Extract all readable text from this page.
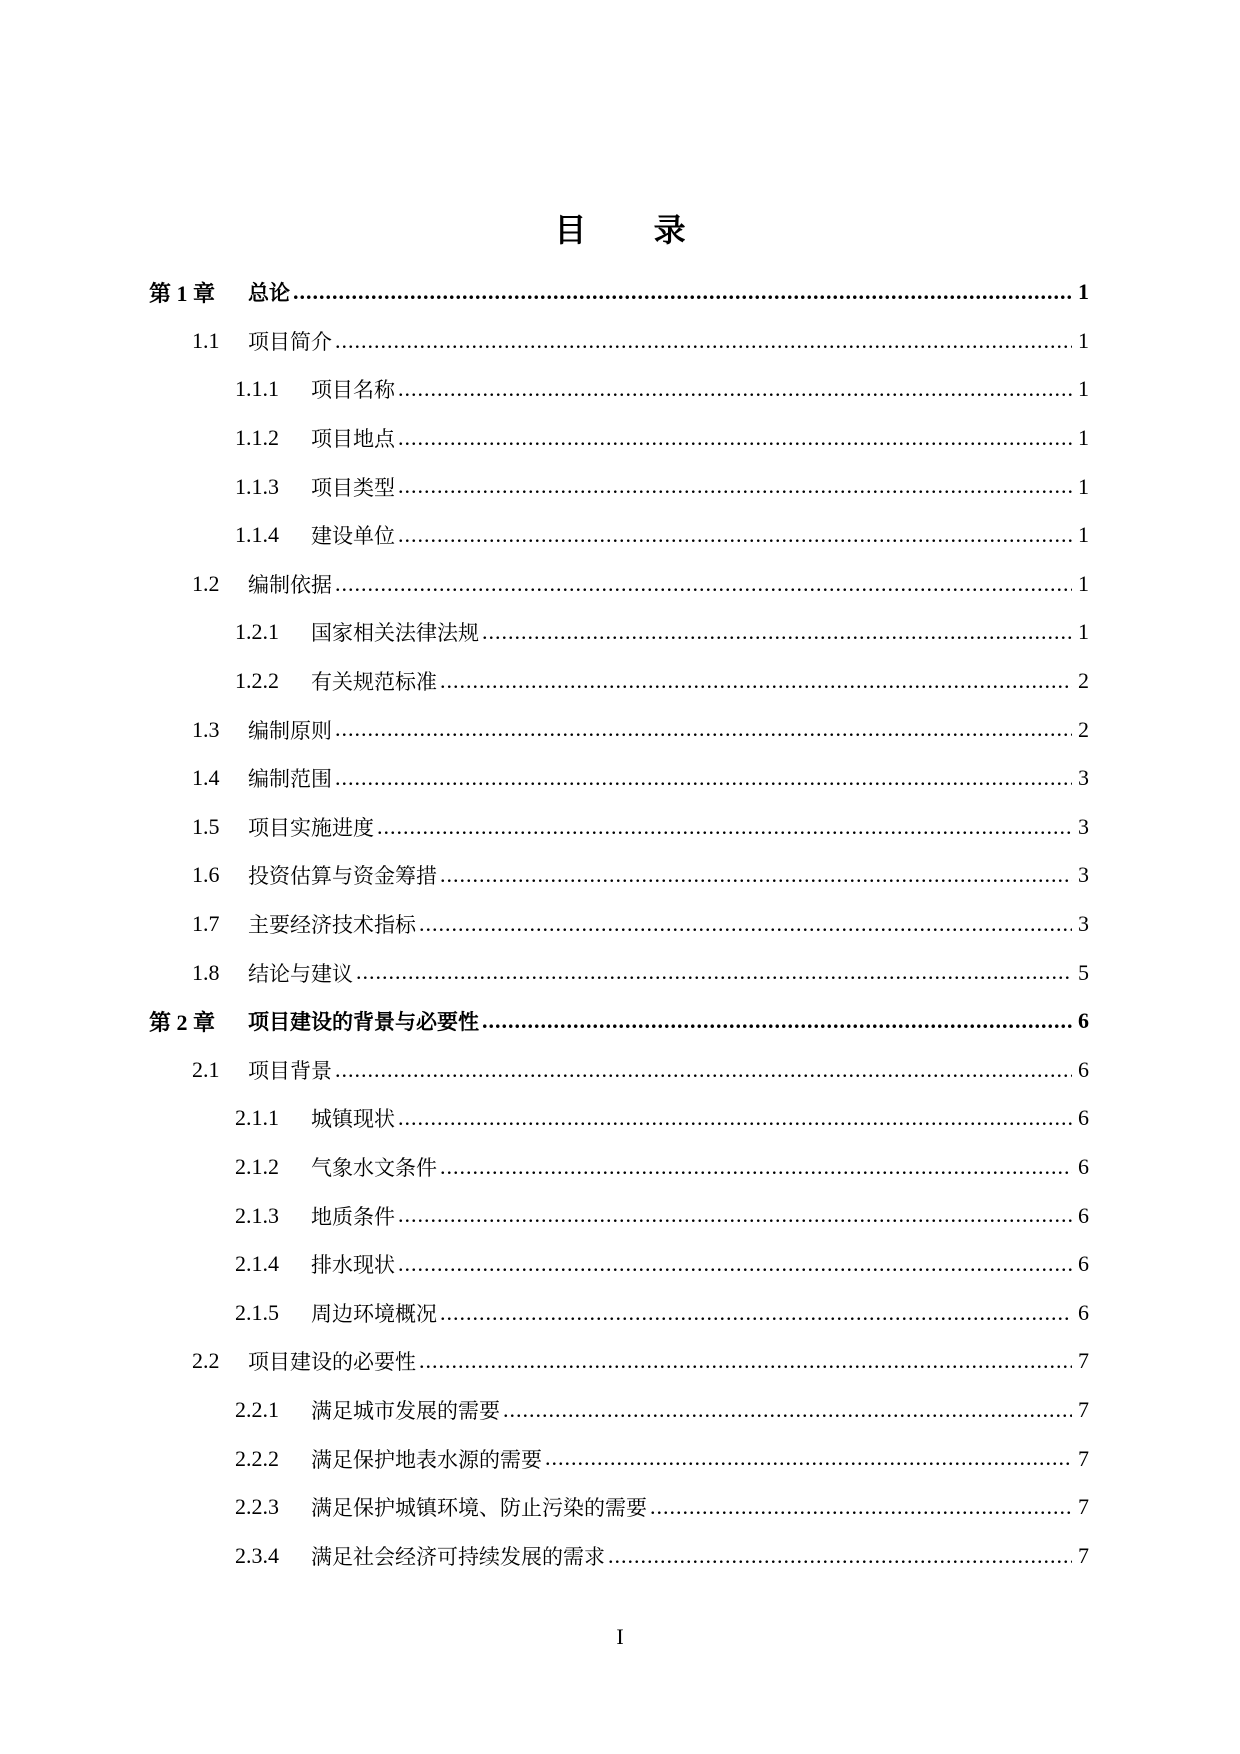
目 录
第 1 章	总论 .....	1
1.1	项目简介 .....	1
1.1.1	项目名称 .....	1
1.1.2	项目地点 .....	1
1.1.3	项目类型 .....	1
1.1.4	建设单位 .....	1
1.2	编制依据 .....	1
1.2.1	国家相关法律法规 .....	1
1.2.2	有关规范标准 .....	2
1.3	编制原则 .....	2
1.4	编制范围 .....	3
1.5	项目实施进度 .....	3
1.6	投资估算与资金筹措 .....	3
1.7	主要经济技术指标 .....	3
1.8	结论与建议 .....	5
第 2 章	项目建设的背景与必要性 .....	6
2.1	项目背景 .....	6
2.1.1	城镇现状 .....	6
2.1.2	气象水文条件 .....	6
2.1.3	地质条件 .....	6
2.1.4	排水现状 .....	6
2.1.5	周边环境概况 .....	6
2.2	项目建设的必要性 .....	7
2.2.1	满足城市发展的需要 .....	7
2.2.2	满足保护地表水源的需要 .....	7
2.2.3	满足保护城镇环境、防止污染的需要 .....	7
2.3.4	满足社会经济可持续发展的需求 .....	7
I
